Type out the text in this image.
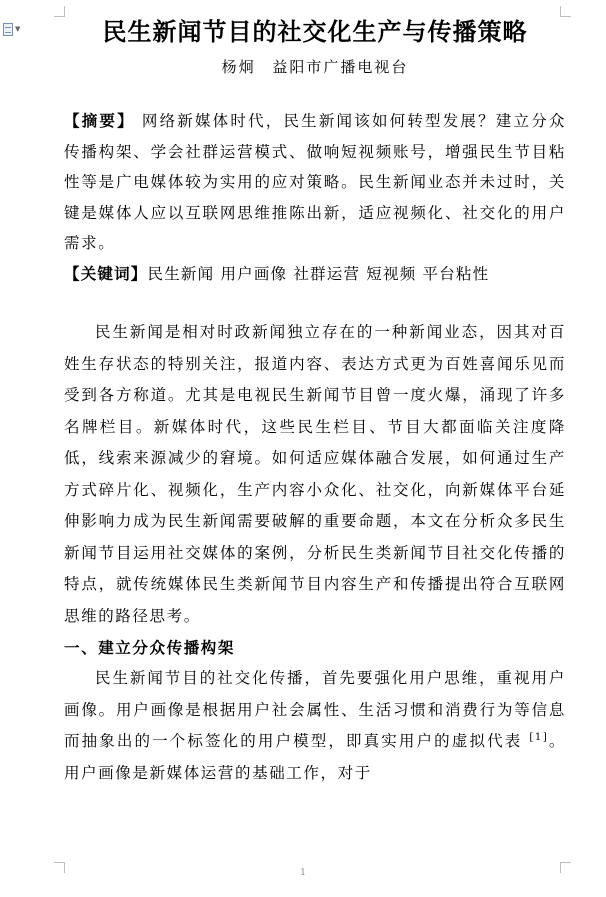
▼	民生新闻节目的社交化生产与传播策略
杨炯 益阳市广播电视台
【摘要】 网络新媒体时代，民生新闻该如何转型发展？建立分众传播构架、学会社群运营模式、做响短视频账号，增强民生节目粘性等是广电媒体较为实用的应对策略。民生新闻业态并未过时，关键是媒体人应以互联网思维推陈出新，适应视频化、社交化的用户需求。
【关键词】民生新闻 用户画像 社群运营 短视频 平台粘性
民生新闻是相对时政新闻独立存在的一种新闻业态，因其对百姓生存状态的特别关注，报道内容、表达方式更为百姓喜闻乐见而受到各方称道。尤其是电视民生新闻节目曾一度火爆，涌现了许多名牌栏目。新媒体时代，这些民生栏目、节目大都面临关注度降低，线索来源减少的窘境。如何适应媒体融合发展，如何通过生产方式碎片化、视频化，生产内容小众化、社交化，向新媒体平台延伸影响力成为民生新闻需要破解的重要命题，本文在分析众多民生新闻节目运用社交媒体的案例，分析民生类新闻节目社交化传播的特点，就传统媒体民生类新闻节目内容生产和传播提出符合互联网思维的路径思考。
一、建立分众传播构架
民生新闻节目的社交化传播，首先要强化用户思维，重视用户画像。用户画像是根据用户社会属性、生活习惯和消费行为等信息而抽象出的一个标签化的用户模型，即真实用户的虚拟代表 [1]。用户画像是新媒体运营的基础工作，对于
1
